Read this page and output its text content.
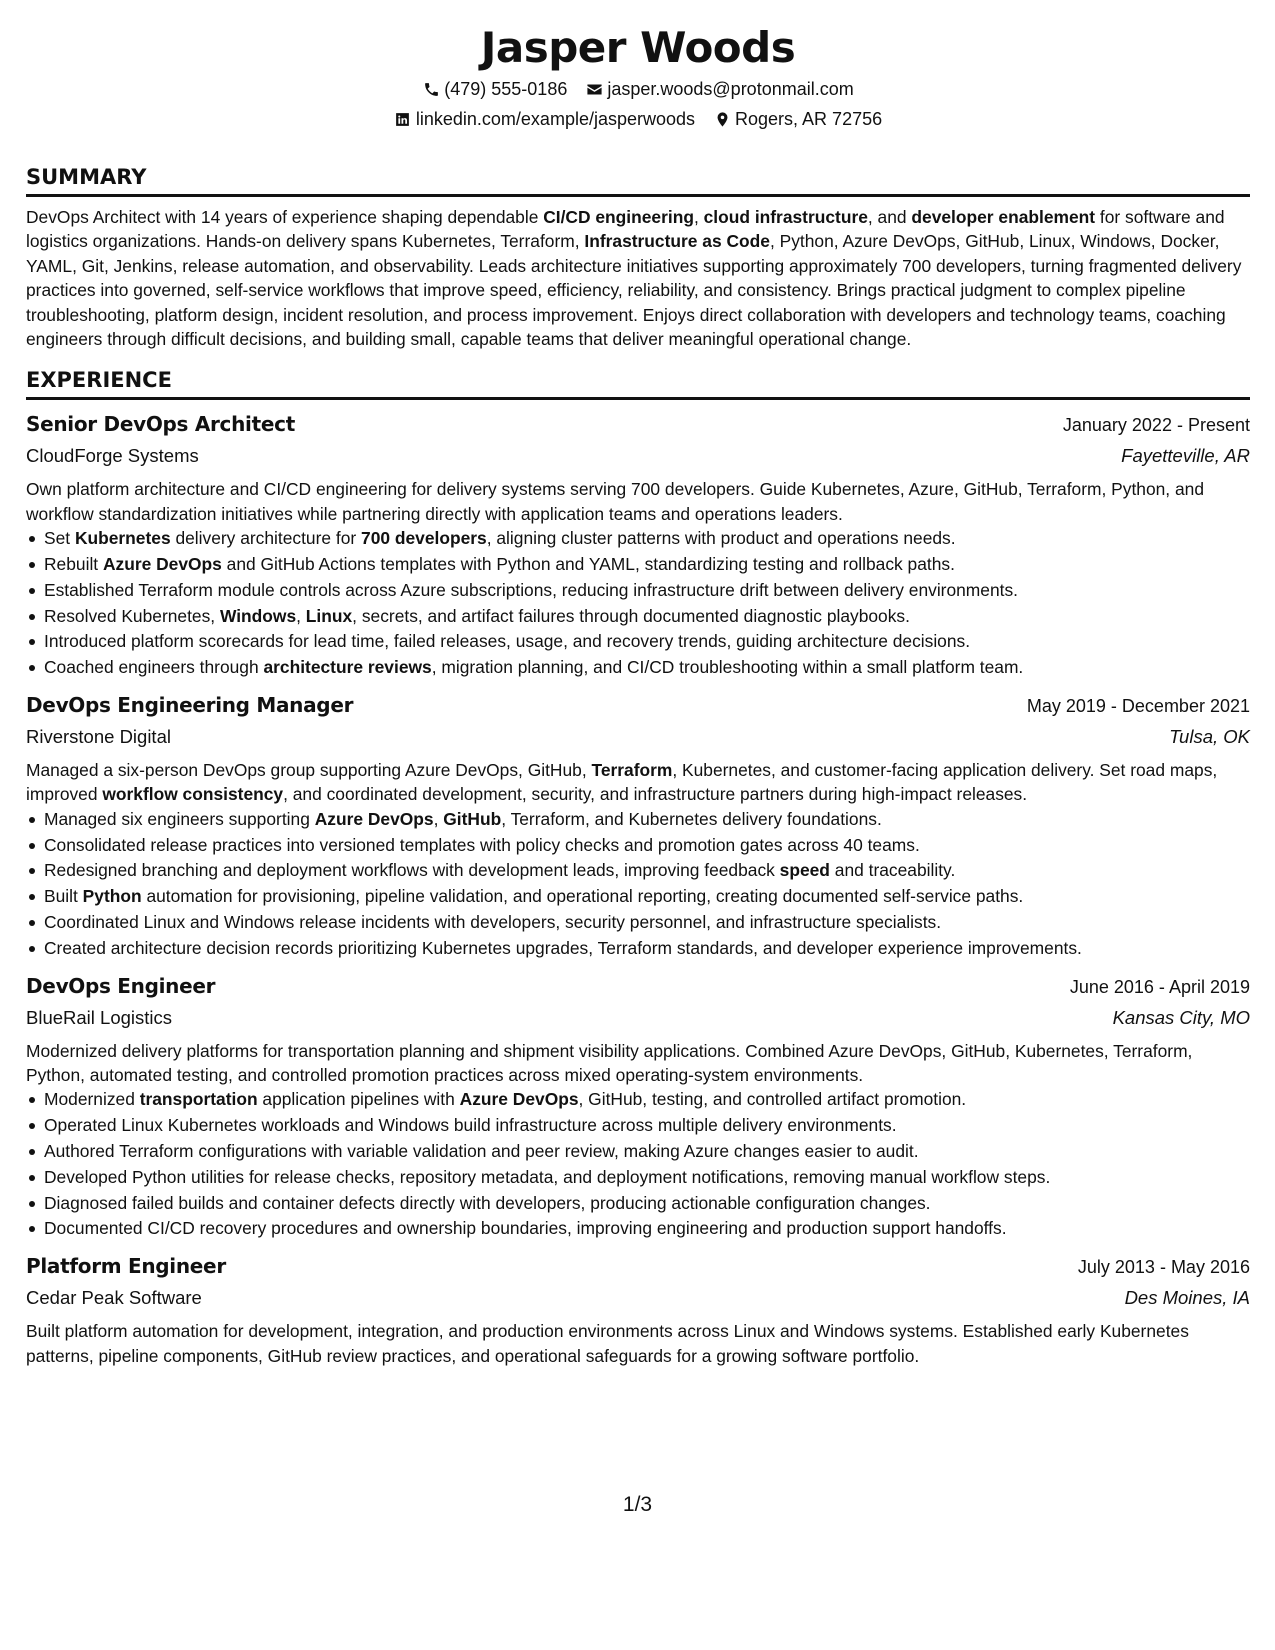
Jasper Woods
(479) 555-0186 jasper.woods@protonmail.com
linkedin.com/example/jasperwoods Rogers, AR 72756
SUMMARY

DevOps Architect with 14 years of experience shaping dependable CI/CD engineering, cloud infrastructure, and developer enablement for software and logistics organizations. Hands-on delivery spans Kubernetes, Terraform, Infrastructure as Code, Python, Azure DevOps, GitHub, Linux, Windows, Docker, YAML, Git, Jenkins, release automation, and observability. Leads architecture initiatives supporting approximately 700 developers, turning fragmented delivery practices into governed, self-service workflows that improve speed, efficiency, reliability, and consistency. Brings practical judgment to complex pipeline troubleshooting, platform design, incident resolution, and process improvement. Enjoys direct collaboration with developers and technology teams, coaching engineers through difficult decisions, and building small, capable teams that deliver meaningful operational change.

EXPERIENCE
Senior DevOps Architect	January 2022 - Present
CloudForge Systems	Fayetteville, AR

Own platform architecture and CI/CD engineering for delivery systems serving 700 developers. Guide Kubernetes, Azure, GitHub, Terraform, Python, and workflow standardization initiatives while partnering directly with application teams and operations leaders.

Set Kubernetes delivery architecture for 700 developers, aligning cluster patterns with product and operations needs.
Rebuilt Azure DevOps and GitHub Actions templates with Python and YAML, standardizing testing and rollback paths.
Established Terraform module controls across Azure subscriptions, reducing infrastructure drift between delivery environments.
Resolved Kubernetes, Windows, Linux, secrets, and artifact failures through documented diagnostic playbooks.
Introduced platform scorecards for lead time, failed releases, usage, and recovery trends, guiding architecture decisions.
Coached engineers through architecture reviews, migration planning, and CI/CD troubleshooting within a small platform team.
DevOps Engineering Manager	May 2019 - December 2021
Riverstone Digital	Tulsa, OK

Managed a six-person DevOps group supporting Azure DevOps, GitHub, Terraform, Kubernetes, and customer-facing application delivery. Set road maps, improved workflow consistency, and coordinated development, security, and infrastructure partners during high-impact releases.

Managed six engineers supporting Azure DevOps, GitHub, Terraform, and Kubernetes delivery foundations.
Consolidated release practices into versioned templates with policy checks and promotion gates across 40 teams.
Redesigned branching and deployment workflows with development leads, improving feedback speed and traceability.
Built Python automation for provisioning, pipeline validation, and operational reporting, creating documented self-service paths.
Coordinated Linux and Windows release incidents with developers, security personnel, and infrastructure specialists.
Created architecture decision records prioritizing Kubernetes upgrades, Terraform standards, and developer experience improvements.
DevOps Engineer	June 2016 - April 2019
BlueRail Logistics	Kansas City, MO

Modernized delivery platforms for transportation planning and shipment visibility applications. Combined Azure DevOps, GitHub, Kubernetes, Terraform, Python, automated testing, and controlled promotion practices across mixed operating-system environments.

Modernized transportation application pipelines with Azure DevOps, GitHub, testing, and controlled artifact promotion.
Operated Linux Kubernetes workloads and Windows build infrastructure across multiple delivery environments.
Authored Terraform configurations with variable validation and peer review, making Azure changes easier to audit.
Developed Python utilities for release checks, repository metadata, and deployment notifications, removing manual workflow steps.
Diagnosed failed builds and container defects directly with developers, producing actionable configuration changes.
Documented CI/CD recovery procedures and ownership boundaries, improving engineering and production support handoffs.
Platform Engineer	July 2013 - May 2016
Cedar Peak Software	Des Moines, IA

Built platform automation for development, integration, and production environments across Linux and Windows systems. Established early Kubernetes patterns, pipeline components, GitHub review practices, and operational safeguards for a growing software portfolio.

1/3
